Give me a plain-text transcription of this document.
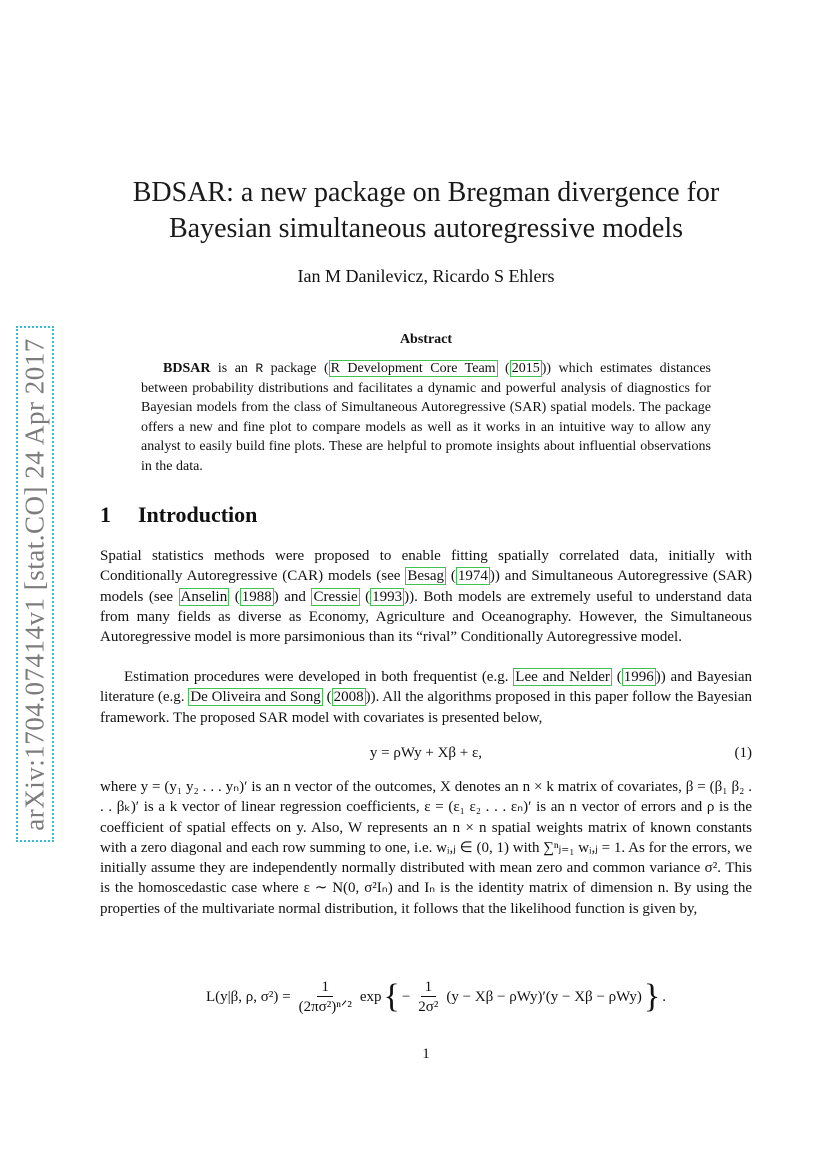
arXiv:1704.07414v1 [stat.CO] 24 Apr 2017
BDSAR: a new package on Bregman divergence for
Bayesian simultaneous autoregressive models
Ian M Danilevicz, Ricardo S Ehlers
Abstract
BDSAR is an R package ( R Development Core Team ( 2015 )) which estimates distances between probability distributions and facilitates a dynamic and powerful analysis of diagnostics for Bayesian models from the class of Simultaneous Autoregressive (SAR) spatial models. The package offers a new and fine plot to compare models as well as it works in an intuitive way to allow any analyst to easily build fine plots. These are helpful to promote insights about influential observations in the data.
1 Introduction
Spatial statistics methods were proposed to enable fitting spatially correlated data, initially with Conditionally Autoregressive (CAR) models (see Besag ( 1974 )) and Simultaneous Autoregressive (SAR) models (see Anselin ( 1988 ) and Cressie ( 1993 )). Both models are extremely useful to understand data from many fields as diverse as Economy, Agriculture and Oceanography. However, the Simultaneous Autoregressive model is more parsimonious than its “rival” Conditionally Autoregressive model.
Estimation procedures were developed in both frequentist (e.g. Lee and Nelder ( 1996 )) and Bayesian literature (e.g. De Oliveira and Song ( 2008 )). All the algorithms proposed in this paper follow the Bayesian framework. The proposed SAR model with covariates is presented below,
y = ρWy + Xβ + ε,	(1)
where y = (y₁ y₂ . . . yₙ)′ is an n vector of the outcomes, X denotes an n × k matrix of covariates, β = (β₁ β₂ . . . βₖ)′ is a k vector of linear regression coefficients, ε = (ε₁ ε₂ . . . εₙ)′ is an n vector of errors and ρ is the coefficient of spatial effects on y. Also, W represents an n × n spatial weights matrix of known constants with a zero diagonal and each row summing to one, i.e. wᵢ,ⱼ ∈ (0, 1) with ∑ⁿⱼ₌₁ wᵢ,ⱼ = 1. As for the errors, we initially assume they are independently normally distributed with mean zero and common variance σ². This is the homoscedastic case where ε ∼ N(0, σ²Iₙ) and Iₙ is the identity matrix of dimension n. By using the properties of the multivariate normal distribution, it follows that the likelihood function is given by,
L(y|β, ρ, $\sigma^2) = \frac{1}{\text{(2πσ²)ⁿᐟ²}}$ exp { − $\frac{1}{\text{2σ²}} (y - X\beta - \rho Wy)'(y - X\beta - \rho Wy)$ } .
1
